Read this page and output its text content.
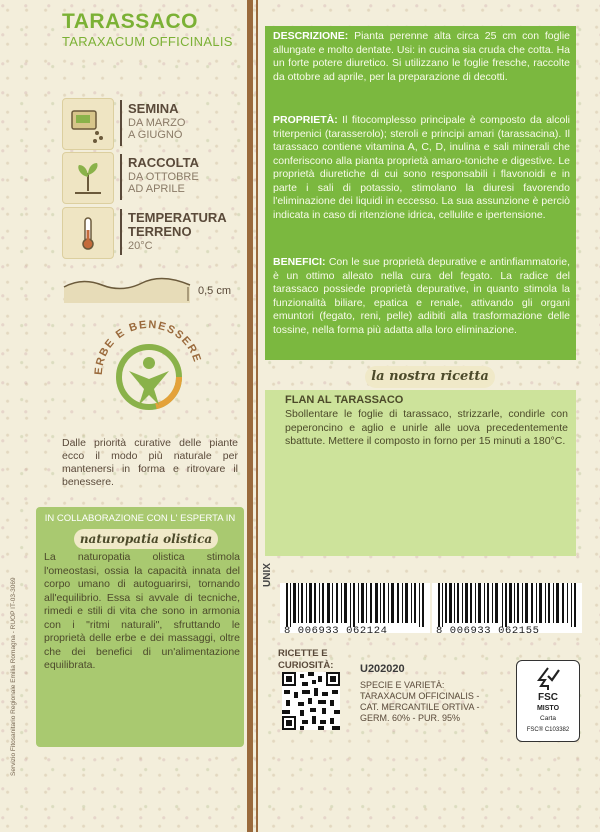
TARASSACO
TARAXACUM OFFICINALIS
SEMINA
DA MARZO
A GIUGNO
RACCOLTA
DA OTTOBRE
AD APRILE
TEMPERATURA
TERRENO
20°C
0,5 cm
ERBE E BENESSERE
Dalle priorità curative delle piante ecco il modo più naturale per mantenersi in forma e ritrovare il benessere.
IN COLLABORAZIONE CON L' ESPERTA IN
naturopatia olistica
La naturopatia olistica stimola l'omeostasi, ossia la capacità innata del corpo umano di autoguarirsi, tornando all'equilibrio. Essa si avvale di tecniche, rimedi e stili di vita che sono in armonia con i "ritmi naturali", sfruttando le proprietà delle erbe e dei massaggi, oltre che dei benefici di un'alimentazione equilibrata.
Servizio Fitosanitario Regionale Emilia Romagna - RUOP IT-03-3069
DESCRIZIONE: Pianta perenne alta circa 25 cm con foglie allungate e molto dentate. Usi: in cucina sia cruda che cotta. Ha un forte potere diuretico. Si utilizzano le foglie fresche, raccolte da ottobre ad aprile, per la preparazione di decotti.
PROPRIETÀ: Il fitocomplesso principale è composto da alcoli triterpenici (tarasserolo); steroli e principi amari (tarassacina). Il tarassaco contiene vitamina A, C, D, inulina e sali minerali che conferiscono alla pianta proprietà amaro-toniche e digestive. Le proprietà diuretiche di cui sono responsabili i flavonoidi e in parte i sali di potassio, stimolano la diuresi favorendo l'eliminazione dei liquidi in eccesso. La sua assunzione è perciò indicata in caso di ritenzione idrica, cellulite e ipertensione.
BENEFICI: Con le sue proprietà depurative e antinfiammatorie, è un ottimo alleato nella cura del fegato. La radice del tarassaco possiede proprietà depurative, in quanto stimola la funzionalità biliare, epatica e renale, attivando gli organi emuntori (fegato, reni, pelle) adibiti alla trasformazione delle tossine, nella forma più adatta alla loro eliminazione.
la nostra ricetta
FLAN AL TARASSACO
Sbollentare le foglie di tarassaco, strizzarle, condirle con peperoncino e aglio e unirle alle uova precedentemente sbattute. Mettere il composto in forno per 15 minuti a 180°C.
UNIX
8 006933 062124	8 006933 062155
RICETTE E
CURIOSITÀ: U202020
SPECIE E VARIETÀ: TARAXACUM OFFICINALIS - CAT. MERCANTILE ORTIVA - GERM. 60% - PUR. 95%
FSC
MISTO
Carta
FSC® C103382
